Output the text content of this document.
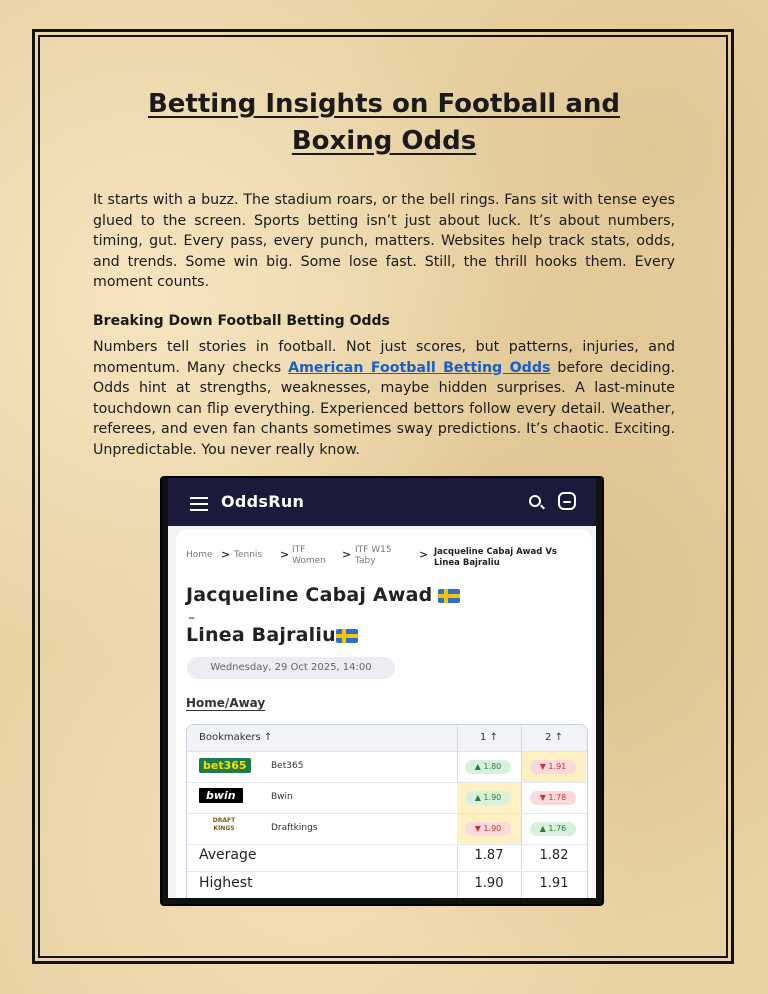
Betting Insights on Football and
Boxing Odds

It starts with a buzz. The stadium roars, or the bell rings. Fans sit with tense eyes glued to the screen. Sports betting isn’t just about luck. It’s about numbers, timing, gut. Every pass, every punch, matters. Websites help track stats, odds, and trends. Some win big. Some lose fast. Still, the thrill hooks them. Every moment counts.

Breaking Down Football Betting Odds

Numbers tell stories in football. Not just scores, but patterns, injuries, and momentum. Many checks American Football Betting Odds before deciding. Odds hint at strengths, weaknesses, maybe hidden surprises. A last-minute touchdown can flip everything. Experienced bettors follow every detail. Weather, referees, and even fan chants sometimes sway predictions. It’s chaotic. Exciting. Unpredictable. You never really know.

OddsRun
Home > Tennis > ITF
Women > ITF W15
Taby	> Jacqueline Cabaj Awad Vs
Linea Bajraliu
Jacqueline Cabaj Awad
–
Linea Bajraliu
Wednesday, 29 Oct 2025, 14:00
Home/Away
Bookmakers ↑	1 ↑	2 ↑
bet365	Bet365	▲ 1.80	▼ 1.91
bwin	Bwin	▲ 1.90	▼ 1.78
DRAFT KINGS	Draftkings	▼ 1.90	▲ 1.76
Average	1.87	1.82
Highest	1.90	1.91
